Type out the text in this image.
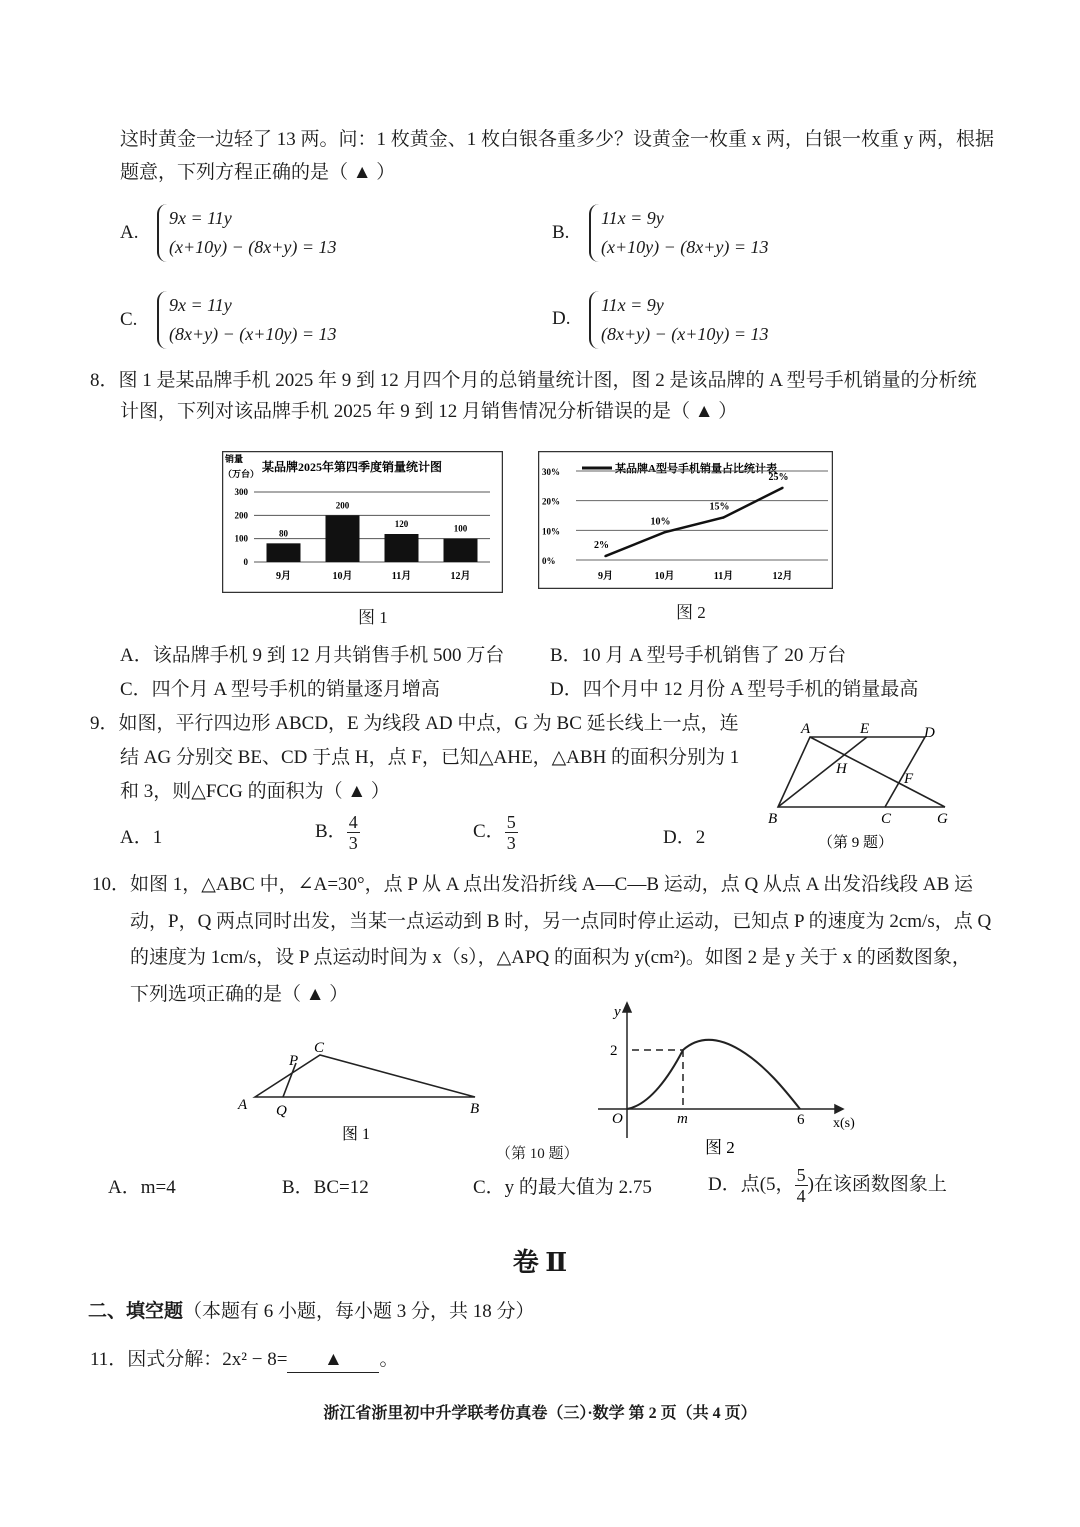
这时黄金一边轻了 13 两。问：1 枚黄金、1 枚白银各重多少？设黄金一枚重 x 两，白银一枚重 y 两，根据
题意，下列方程正确的是（ ▲ ）
A.
9x = 11y
(x+10y) − (8x+y) = 13
B.
11x = 9y
(x+10y) − (8x+y) = 13
C.
9x = 11y
(8x+y) − (x+10y) = 13
D.
11x = 9y
(8x+y) − (x+10y) = 13
8．图 1 是某品牌手机 2025 年 9 到 12 月四个月的总销量统计图，图 2 是该品牌的 A 型号手机销量的分析统
计图，下列对该品牌手机 2025 年 9 到 12 月销售情况分析错误的是（ ▲ ）
销量
（万台） 某品牌2025年第四季度销量统计图
0
100
200
300
80
9月
200
10月
120
11月
100
12月
某品牌A型号手机销量占比统计表
0%
10%
20%
30%
2%
9月
10%
10月
15%
11月
25%
12月
图 1	图 2
A．该品牌手机 9 到 12 月共销售手机 500 万台 B．10 月 A 型号手机销售了 20 万台
C．四个月 A 型号手机的销量逐月增高	D．四个月中 12 月份 A 型号手机的销量最高
9．如图，平行四边形 ABCD，E 为线段 AD 中点，G 为 BC 延长线上一点，连
结 AG 分别交 BE、CD 于点 H，点 F，已知△AHE，△ABH 的面积分别为 1
和 3，则△FCG 的面积为（ ▲ ）
A	E	D
H
F
B	C	G
（第 9 题）
A．1	B． $\frac{4}{3}$	C． $\frac{5}{3}$	D．2
10．如图 1，△ABC 中，∠A=30°，点 P 从 A 点出发沿折线 A—C—B 运动，点 Q 从点 A 出发沿线段 AB 运
动，P，Q 两点同时出发，当某一点运动到 B 时，另一点同时停止运动，已知点 P 的速度为 2cm/s，点 Q
的速度为 1cm/s，设 P 点运动时间为 x（s），△APQ 的面积为 y(cm²)。如图 2 是 y 关于 x 的函数图象，
下列选项正确的是（ ▲ ）
A
C
P
Q	B
图 1
（第 10 题）
y
2
O	m	6 x(s)
图 2
A．m=4	B．BC=12	C．y 的最大值为 2.75	D．点(5， $\frac{5}{4}$ )在该函数图象上
卷 Ⅱ
二、填空题（本题有 6 小题，每小题 3 分，共 18 分）
11．因式分解：2x² − 8= ▲ 。
浙江省浙里初中升学联考仿真卷（三）·数学 第 2 页（共 4 页）
